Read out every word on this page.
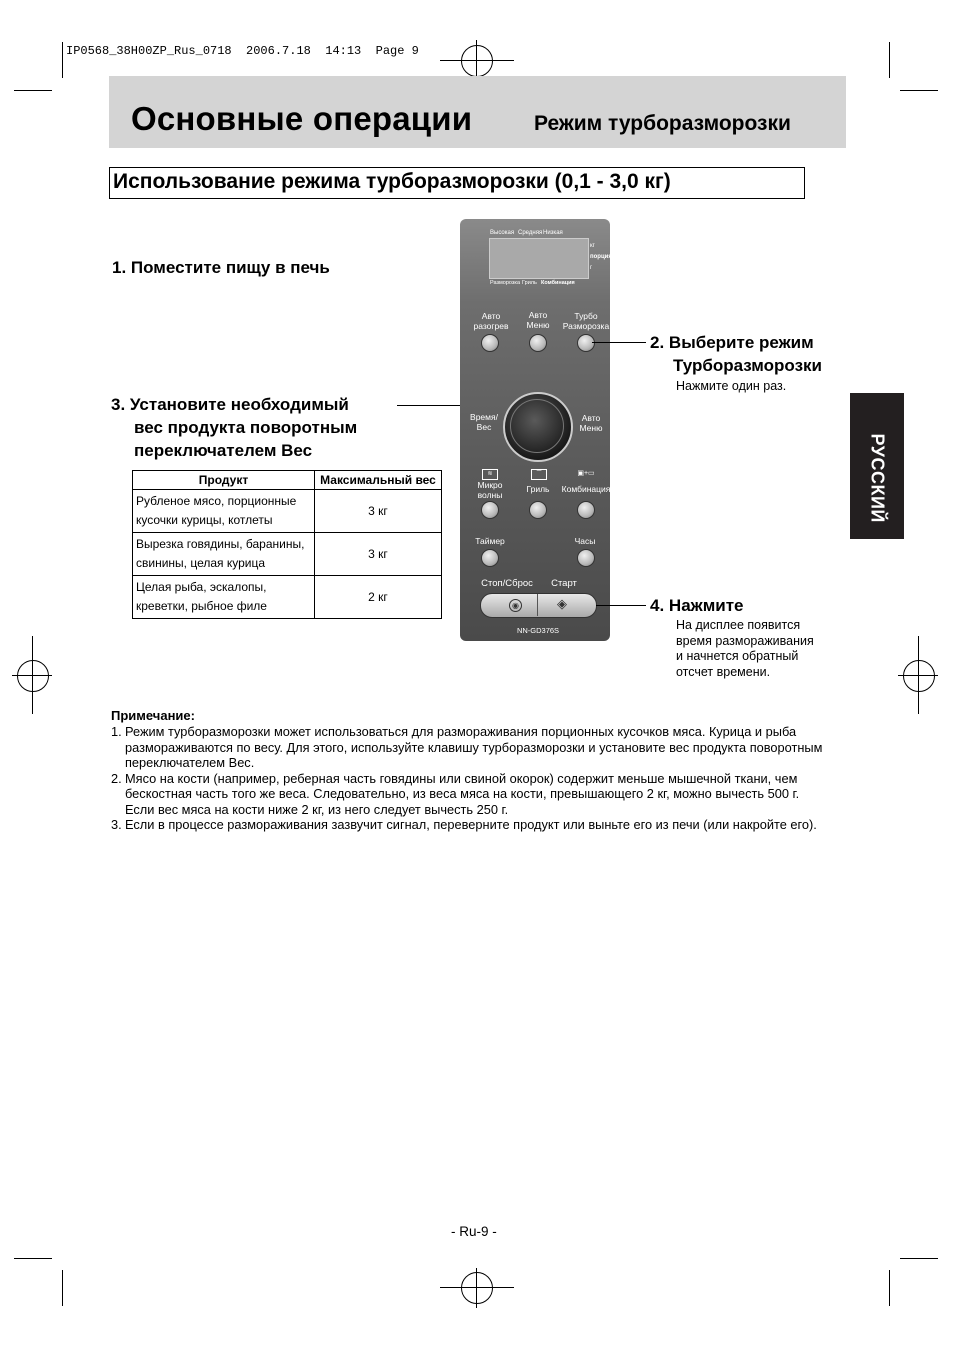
IP0568_38H00ZP_Rus_0718  2006.7.18  14:13  Page 9
Основные операции	Режим турборазморозки
Использование режима турборазморозки (0,1 - 3,0 кг)
1. Поместите пищу в печь
3. Установите необходимый
вес продукта поворотным
переключателем Вес
Продукт	Максимальный вес
Рубленое мясо, порционные
кусочки курицы, котлеты	3 кг
Вырезка говядины, баранины,
свинины, целая курица	3 кг
Целая рыба, эскалопы,
креветки, рыбное филе	2 кг
Высокая Средняя Низкая
кг
порция
г
Разморозка Гриль Комбинация
Авто
разогрев
Авто
Меню
Турбо
Разморозка
Время/
Вес
Авто
Меню
≋	▔	▣+▭
Микро
волны
Гриль	Комбинация
Таймер	Часы
Стоп/Сброс	Старт
◉	◈
NN-GD376S
2. Выберите режим
Турборазморозки
Нажмите один раз.
4. Нажмите
На дисплее появится
время размораживания
и начнется обратный
отсчет времени.
РУССКИЙ
Примечание:
1. Режим турборазморозки может использоваться для размораживания порционных кусочков мяса. Курица и рыба размораживаются по весу. Для этого, используйте клавишу турборазморозки и установите вес продукта поворотным переключателем Вес.
2. Мясо на кости (например, реберная часть говядины или свиной окорок) содержит меньше мышечной ткани, чем бескостная часть того же веса. Следовательно, из веса мяса на кости, превышающего 2 кг, можно вычесть 500 г. Если вес мяса на кости ниже 2 кг, из него следует вычесть 250 г.
3. Если в процессе размораживания зазвучит сигнал, переверните продукт или выньте его из печи (или накройте его).
- Ru-9 -
